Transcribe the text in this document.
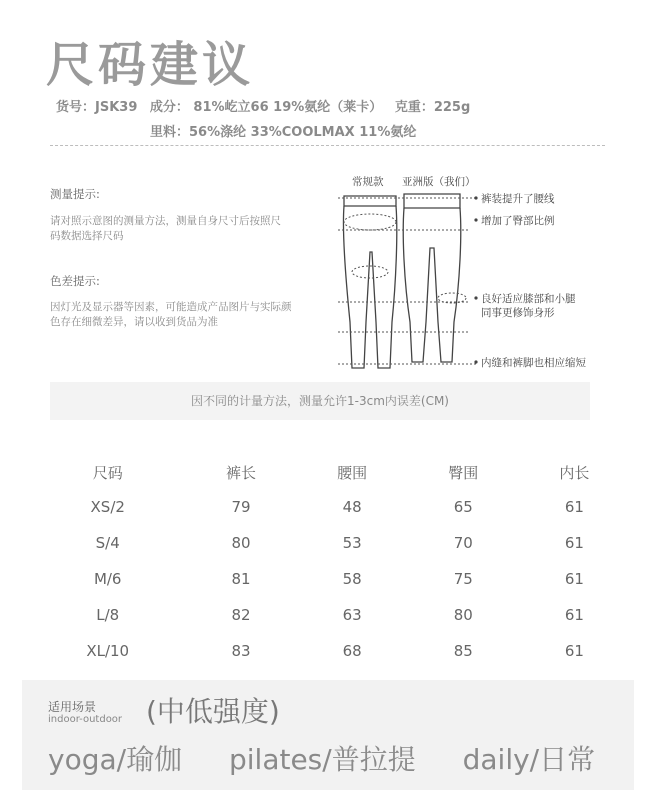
尺码建议
货号：JSK39 成分： 81%屹立66 19%氨纶（莱卡） 克重：225g
里料：56%涤纶 33%COOLMAX 11%氨纶
测量提示:
请对照示意图的测量方法，测量自身尺寸后按照尺码数据选择尺码
色差提示:
因灯光及显示器等因素，可能造成产品图片与实际颜色存在细微差异，请以收到货品为准
常规款 亚洲版（我们）
裤装提升了腰线
增加了臀部比例
良好适应膝部和小腿
同事更修饰身形
内缝和裤脚也相应缩短
因不同的计量方法，测量允许1-3cm内误差(CM)
尺码	裤长	腰围	臀围	内长
XS/2	79	48	65	61
S/4	80	53	70	61
M/6	81	58	75	61
L/8	82	63	80	61
XL/10	83	68	85	61
适用场景
indoor-outdoor (中低强度)
yoga/瑜伽 pilates/普拉提 daily/日常
